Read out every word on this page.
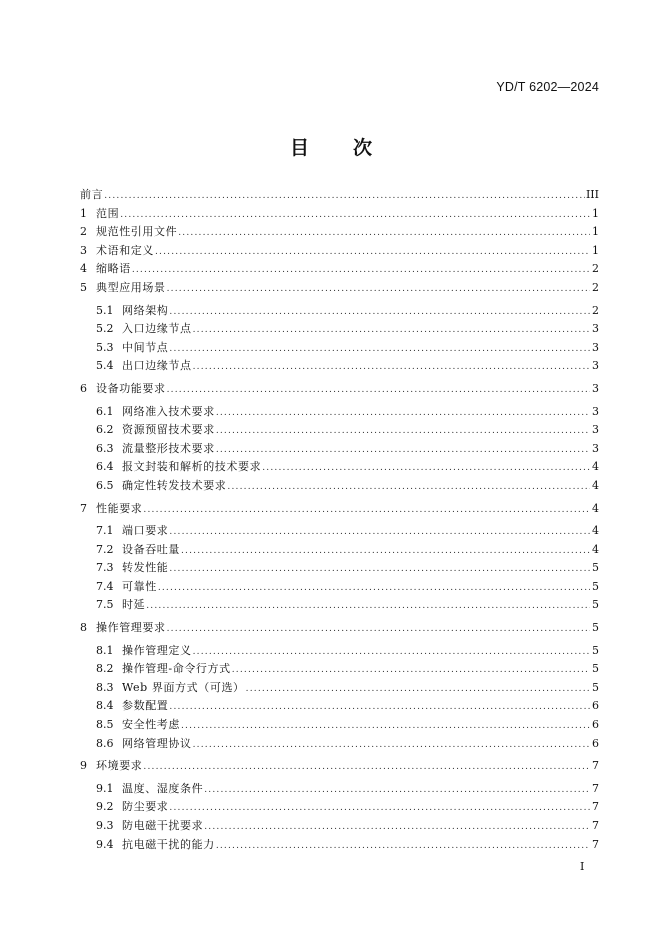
YD/T 6202—2024
目 次
前言 .....	III
1 范围 .....	1
2 规范性引用文件 .....	1
3 术语和定义 .....	1
4 缩略语 .....	2
5 典型应用场景 .....	2
5.1 网络架构 .....	2
5.2 入口边缘节点 .....	3
5.3 中间节点 .....	3
5.4 出口边缘节点 .....	3
6 设备功能要求 .....	3
6.1 网络准入技术要求 .....	3
6.2 资源预留技术要求 .....	3
6.3 流量整形技术要求 .....	3
6.4 报文封装和解析的技术要求 .....	4
6.5 确定性转发技术要求 .....	4
7 性能要求 .....	4
7.1 端口要求 .....	4
7.2 设备吞吐量 .....	4
7.3 转发性能 .....	5
7.4 可靠性 .....	5
7.5 时延 .....	5
8 操作管理要求 .....	5
8.1 操作管理定义 .....	5
8.2 操作管理-命令行方式 .....	5
8.3 Web 界面方式（可选） .....	5
8.4 参数配置 .....	6
8.5 安全性考虑 .....	6
8.6 网络管理协议 .....	6
9 环境要求 .....	7
9.1 温度、湿度条件 .....	7
9.2 防尘要求 .....	7
9.3 防电磁干扰要求 .....	7
9.4 抗电磁干扰的能力 .....	7
I
